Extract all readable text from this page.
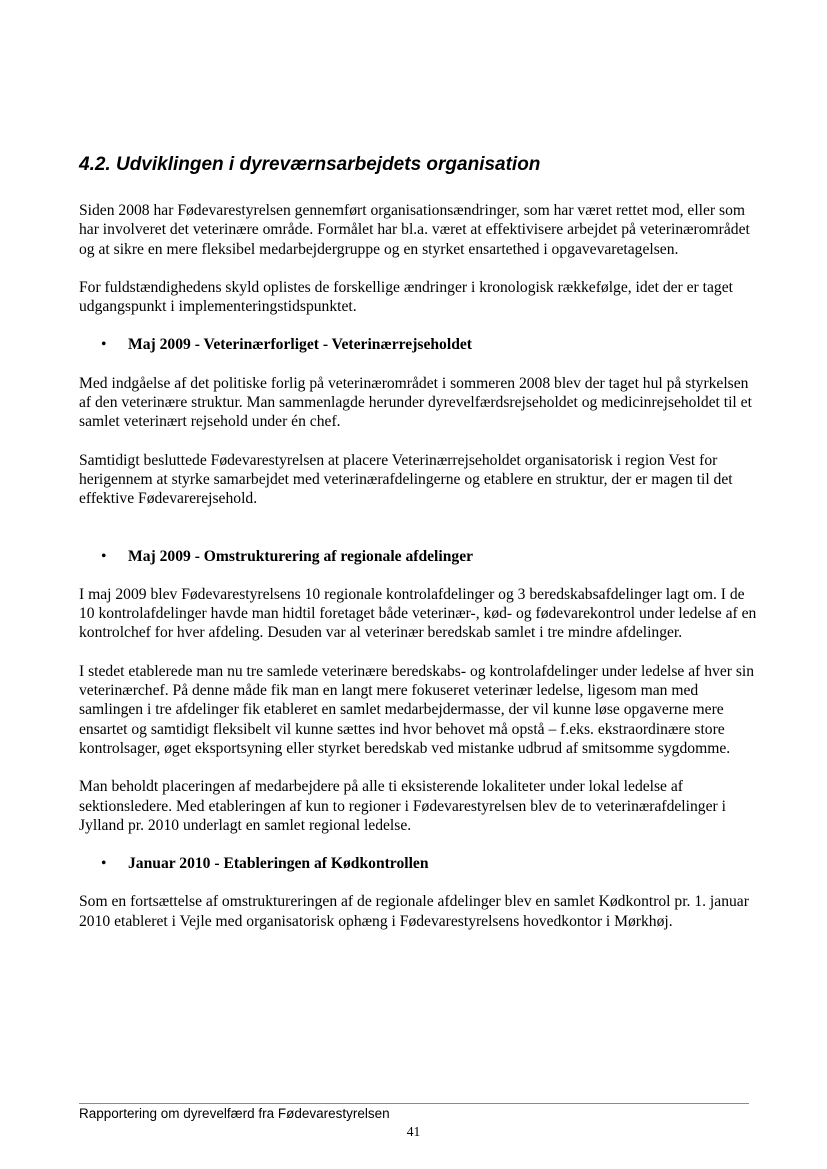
4.2. Udviklingen i dyreværnsarbejdets organisation

Siden 2008 har Fødevarestyrelsen gennemført organisationsændringer, som har været rettet mod, eller som har involveret det veterinære område. Formålet har bl.a. været at effektivisere arbejdet på veterinærområdet og at sikre en mere fleksibel medarbejdergruppe og en styrket ensartethed i opgavevaretagelsen.

For fuldstændighedens skyld oplistes de forskellige ændringer i kronologisk rækkefølge, idet der er taget udgangspunkt i implementeringstidspunktet.

• Maj 2009 - Veterinærforliget - Veterinærrejseholdet

Med indgåelse af det politiske forlig på veterinærområdet i sommeren 2008 blev der taget hul på styrkelsen af den veterinære struktur. Man sammenlagde herunder dyrevelfærdsrejseholdet og medicinrejseholdet til et samlet veterinært rejsehold under én chef.

Samtidigt besluttede Fødevarestyrelsen at placere Veterinærrejseholdet organisatorisk i region Vest for herigennem at styrke samarbejdet med veterinærafdelingerne og etablere en struktur, der er magen til det effektive Fødevarerejsehold.

• Maj 2009 - Omstrukturering af regionale afdelinger

I maj 2009 blev Fødevarestyrelsens 10 regionale kontrolafdelinger og 3 beredskabsafdelinger lagt om. I de 10 kontrolafdelinger havde man hidtil foretaget både veterinær-, kød- og fødevarekontrol under ledelse af en kontrolchef for hver afdeling. Desuden var al veterinær beredskab samlet i tre mindre afdelinger.

I stedet etablerede man nu tre samlede veterinære beredskabs- og kontrolafdelinger under ledelse af hver sin veterinærchef. På denne måde fik man en langt mere fokuseret veterinær ledelse, ligesom man med samlingen i tre afdelinger fik etableret en samlet medarbejdermasse, der vil kunne løse opgaverne mere ensartet og samtidigt fleksibelt vil kunne sættes ind hvor behovet må opstå – f.eks. ekstraordinære store kontrolsager, øget eksportsyning eller styrket beredskab ved mistanke udbrud af smitsomme sygdomme.

Man beholdt placeringen af medarbejdere på alle ti eksisterende lokaliteter under lokal ledelse af sektionsledere. Med etableringen af kun to regioner i Fødevarestyrelsen blev de to veterinærafdelinger i Jylland pr. 2010 underlagt en samlet regional ledelse.

• Januar 2010 - Etableringen af Kødkontrollen

Som en fortsættelse af omstruktureringen af de regionale afdelinger blev en samlet Kødkontrol pr. 1. januar 2010 etableret i Vejle med organisatorisk ophæng i Fødevarestyrelsens hovedkontor i Mørkhøj.

Rapportering om dyrevelfærd fra Fødevarestyrelsen
41
